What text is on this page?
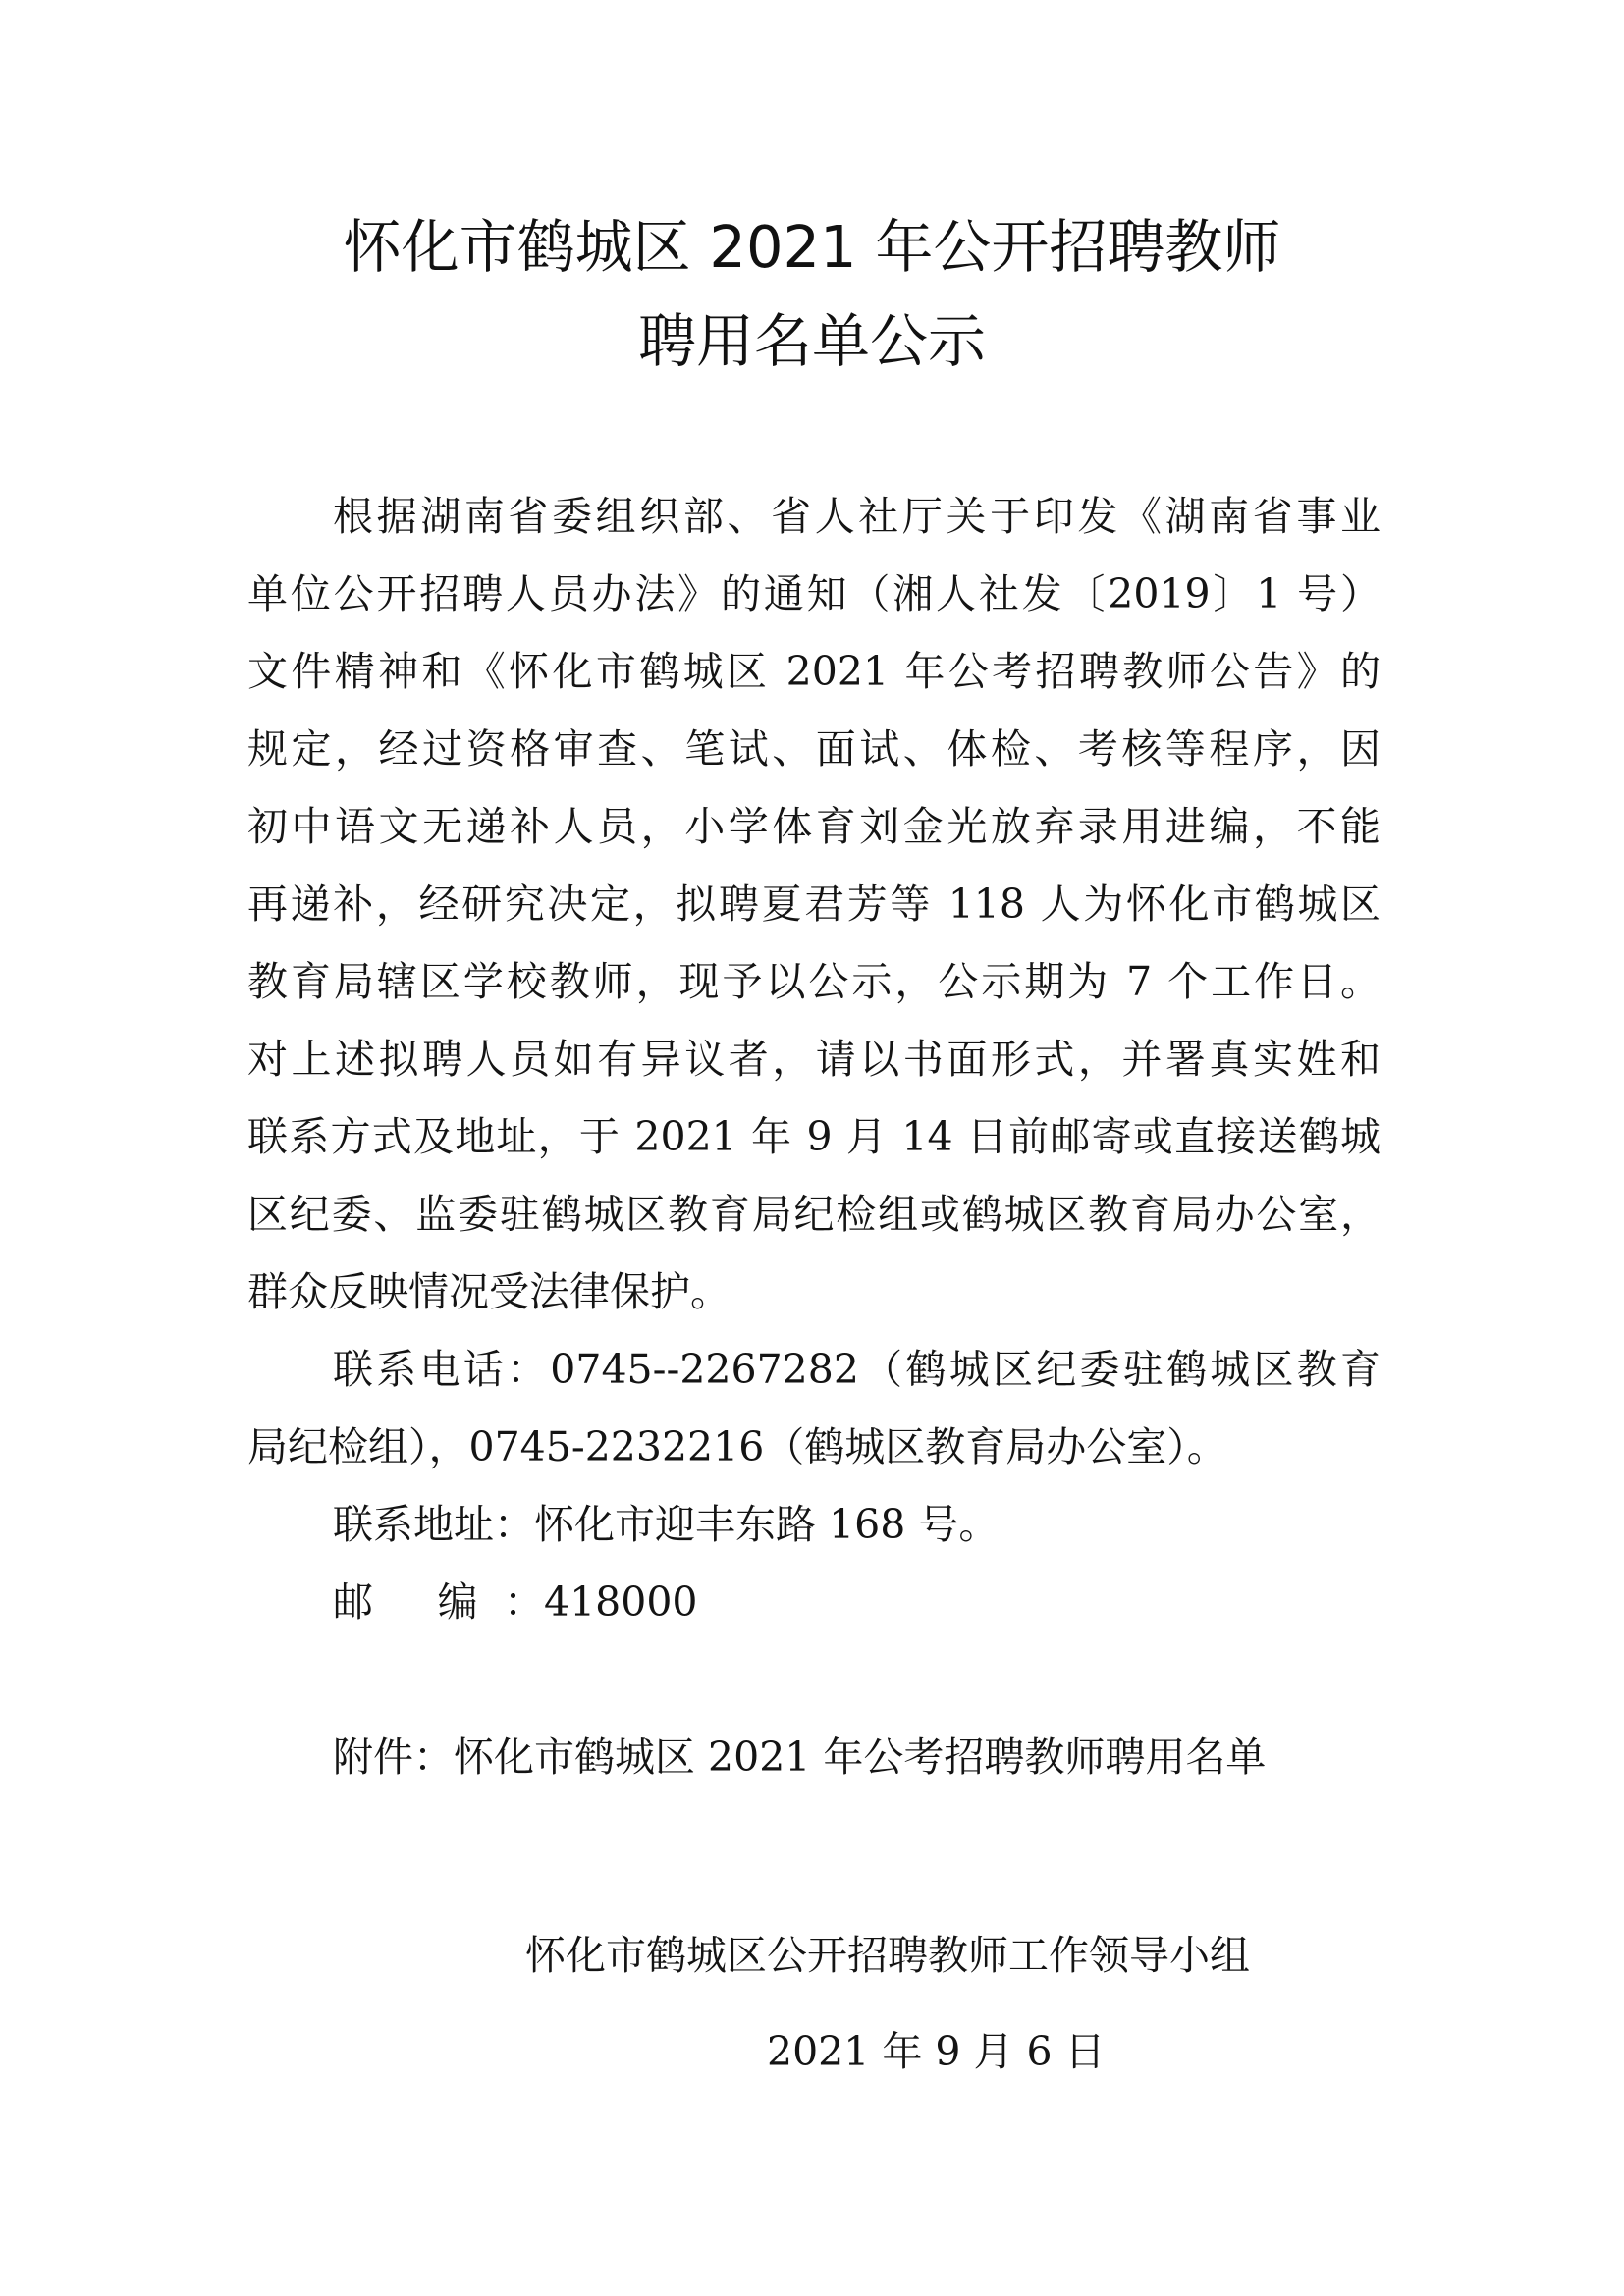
怀化市鹤城区 2021 年公开招聘教师
聘用名单公示
根据湖南省委组织部、省人社厅关于印发《湖南省事业
单位公开招聘人员办法》的通知（湘人社发〔2019〕1 号）
文件精神和《怀化市鹤城区 2021 年公考招聘教师公告》的
规定，经过资格审查、笔试、面试、体检、考核等程序，因
初中语文无递补人员，小学体育刘金光放弃录用进编，不能
再递补，经研究决定，拟聘夏君芳等 118 人为怀化市鹤城区
教育局辖区学校教师，现予以公示，公示期为 7 个工作日。
对上述拟聘人员如有异议者，请以书面形式，并署真实姓和
联系方式及地址，于 2021 年 9 月 14 日前邮寄或直接送鹤城
区纪委、监委驻鹤城区教育局纪检组或鹤城区教育局办公室，
群众反映情况受法律保护。
联系电话：0745--2267282（鹤城区纪委驻鹤城区教育
局纪检组），0745-2232216（鹤城区教育局办公室）。
联系地址：怀化市迎丰东路 168 号。
邮 编：418000
附件：怀化市鹤城区 2021 年公考招聘教师聘用名单
怀化市鹤城区公开招聘教师工作领导小组
2021 年 9 月 6 日
